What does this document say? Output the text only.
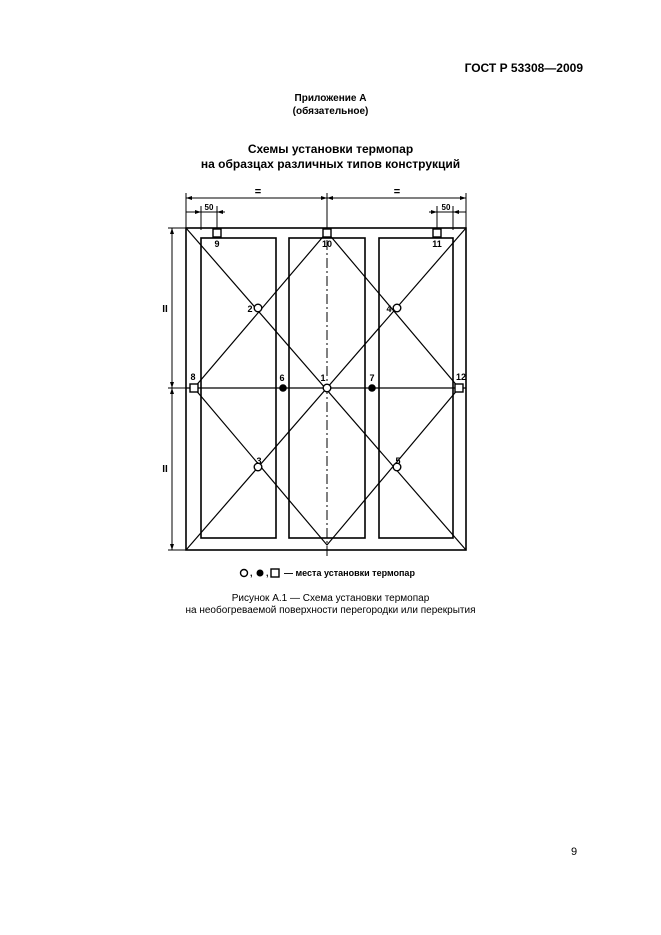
ГОСТ Р 53308—2009
Приложение А
(обязательное)
Схемы установки термопар
на образцах различных типов конструкций
=	=
50	50
II
II
1
2
3
4
5
6	7
8
9	10	11
12
, , — места установки термопар
Рисунок А.1 — Схема установки термопар
на необогреваемой поверхности перегородки или перекрытия
9
